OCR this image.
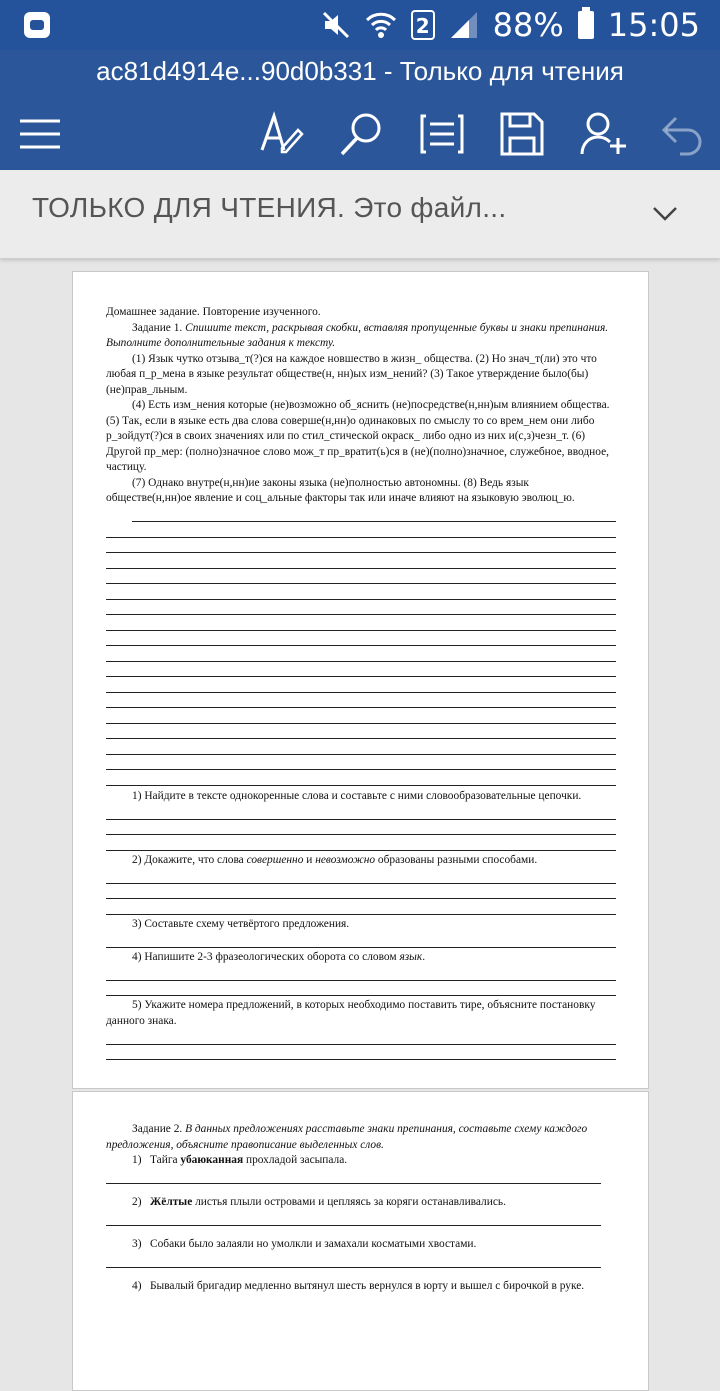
2 88% 15:05
ac81d4914e...90d0b331 - Только для чтения
ТОЛЬКО ДЛЯ ЧТЕНИЯ. Это файл...

Домашнее задание. Повторение изученного.

Задание 1. Спишите текст, раскрывая скобки, вставляя пропущенные буквы и знаки препинания. Выполните дополнительные задания к тексту.

(1) Язык чутко отзыва_т(?)ся на каждое новшество в жизн_ общества. (2) Но знач_т(ли) это что любая п_р_мена в языке результат обществе(н, нн)ых изм_нений? (3) Такое утверждение было(бы) (не)прав_льным.

(4) Есть изм_нения которые (не)возможно об_яснить (не)посредстве(н,нн)ым влиянием общества. (5) Так, если в языке есть два слова соверше(н,нн)о одинаковых по смыслу то со врем_нем они либо р_зойдут(?)ся в своих значениях или по стил_стической окраск_ либо одно из них и(с,з)чезн_т. (6) Другой пр_мер: (полно)значное слово мож_т пр_вратит(ь)ся в (не)(полно)значное, служебное, вводное, частицу.

(7) Однако внутре(н,нн)ие законы языка (не)полностью автономны. (8) Ведь язык обществе(н,нн)ое явление и соц_альные факторы так или иначе влияют на языковую эволюц_ю.

1) Найдите в тексте однокоренные слова и составьте с ними словообразовательные цепочки.

2) Докажите, что слова совершенно и невозможно образованы разными способами.

3) Составьте схему четвёртого предложения.

4) Напишите 2-3 фразеологических оборота со словом язык.

5) Укажите номера предложений, в которых необходимо поставить тире, объясните постановку данного знака.

Задание 2. В данных предложениях расставьте знаки препинания, составьте схему каждого предложения, объясните правописание выделенных слов.

1) Тайга убаюканная прохладой засыпала.

2) Жёлтые листья плыли островами и цепляясь за коряги останавливались.

3) Собаки было залаяли но умолкли и замахали косматыми хвостами.

4) Бывалый бригадир медленно вытянул шесть вернулся в юрту и вышел с бирочкой в руке.
